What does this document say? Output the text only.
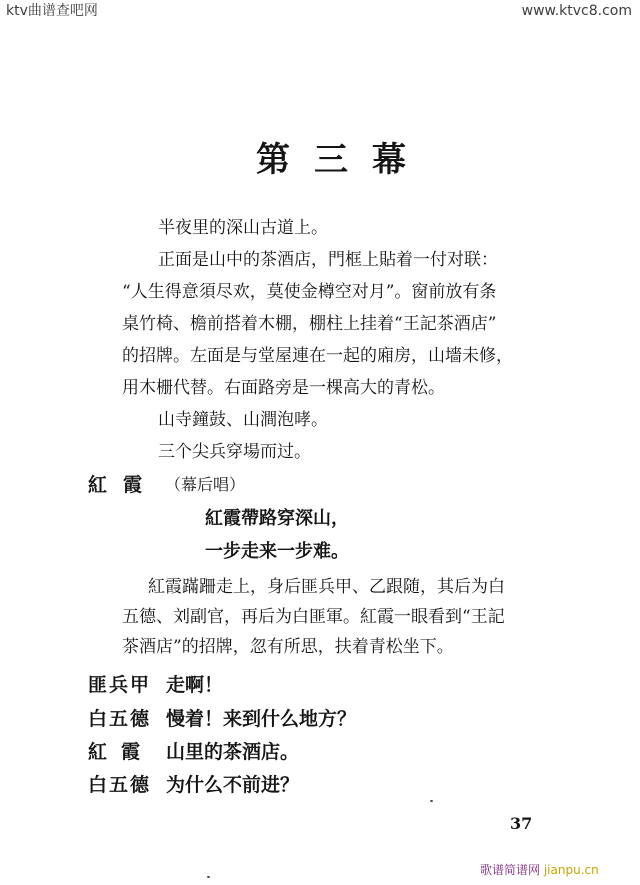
ktv曲谱查吧网	www.ktvc8.com
歌谱简谱网 jianpu.cn
第三幕
半夜里的深山古道上。
正面是山中的茶酒店，門框上貼着一付对联：
“人生得意須尽欢，莫使金樽空对月”。窗前放有条
桌竹椅、檐前搭着木棚，棚柱上挂着“王記茶酒店”
的招牌。左面是与堂屋連在一起的廂房，山墻未修，
用木栅代替。右面路旁是一棵高大的青松。
山寺鐘鼓、山澗泡哮。
三个尖兵穿場而过。
紅霞 （幕后唱）
紅霞帶路穿深山，
一步走来一步难。
紅霞蹣跚走上，身后匪兵甲、乙跟随，其后为白
五德、刘副官，再后为白匪軍。紅霞一眼看到“王記
茶酒店”的招牌，忽有所思，扶着青松坐下。
匪兵甲 走啊！
白五德 慢着！来到什么地方？
紅霞 山里的茶酒店。
白五德 为什么不前进？
37
